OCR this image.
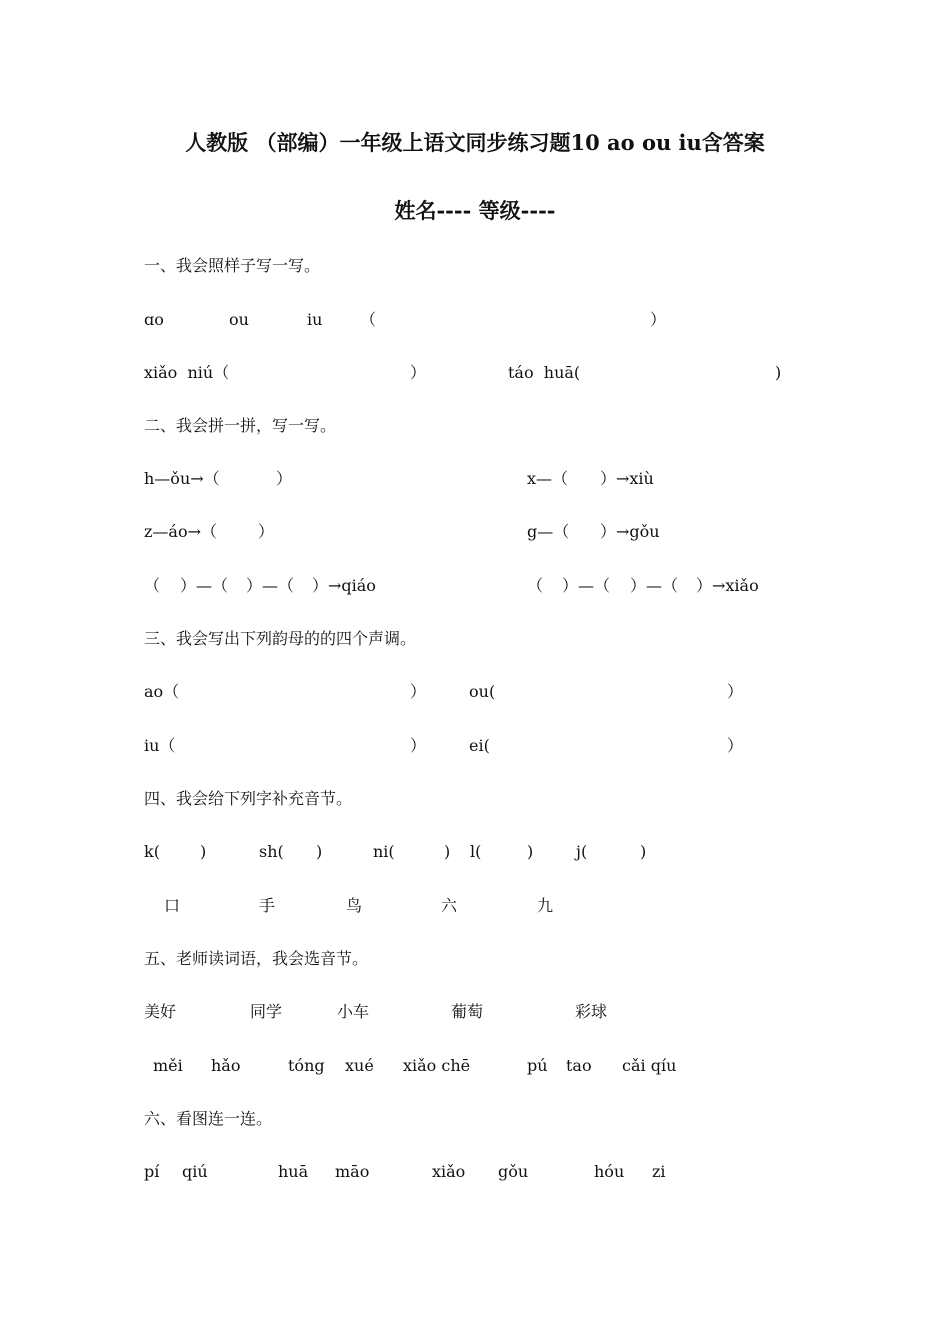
人教版 （部编）一年级上语文同步练习题10 ao ou iu含答案
姓名---- 等级----
一、我会照样子写一写。
ɑo	ou	iu （	）
xiǎo  niú（	）	táo  huā(	)
二、我会拼一拼，写一写。
h—ǒu→（	）	x—（ ）→xiù
z—áo→（	）	g—（ ）→gǒu
（ ）—（ ）—（ ）→qiáo	（ ）—（ ）—（ ）→xiǎo
三、我会写出下列韵母的的四个声调。
ao（	）	ou(	）
iu（	）	ei(	）
四、我会给下列字补充音节。
k(	)	sh( )	ni(	) l(	)	j(	)
口	手	鸟	六	九
五、老师读词语，我会选音节。
美好	同学	小车	葡萄	彩球
měi hǎo	tóng xué xiǎo chē	pú tao cǎi qíu
六、看图连一连。
pí qiú	huā māo	xiǎo gǒu	hóu zi
